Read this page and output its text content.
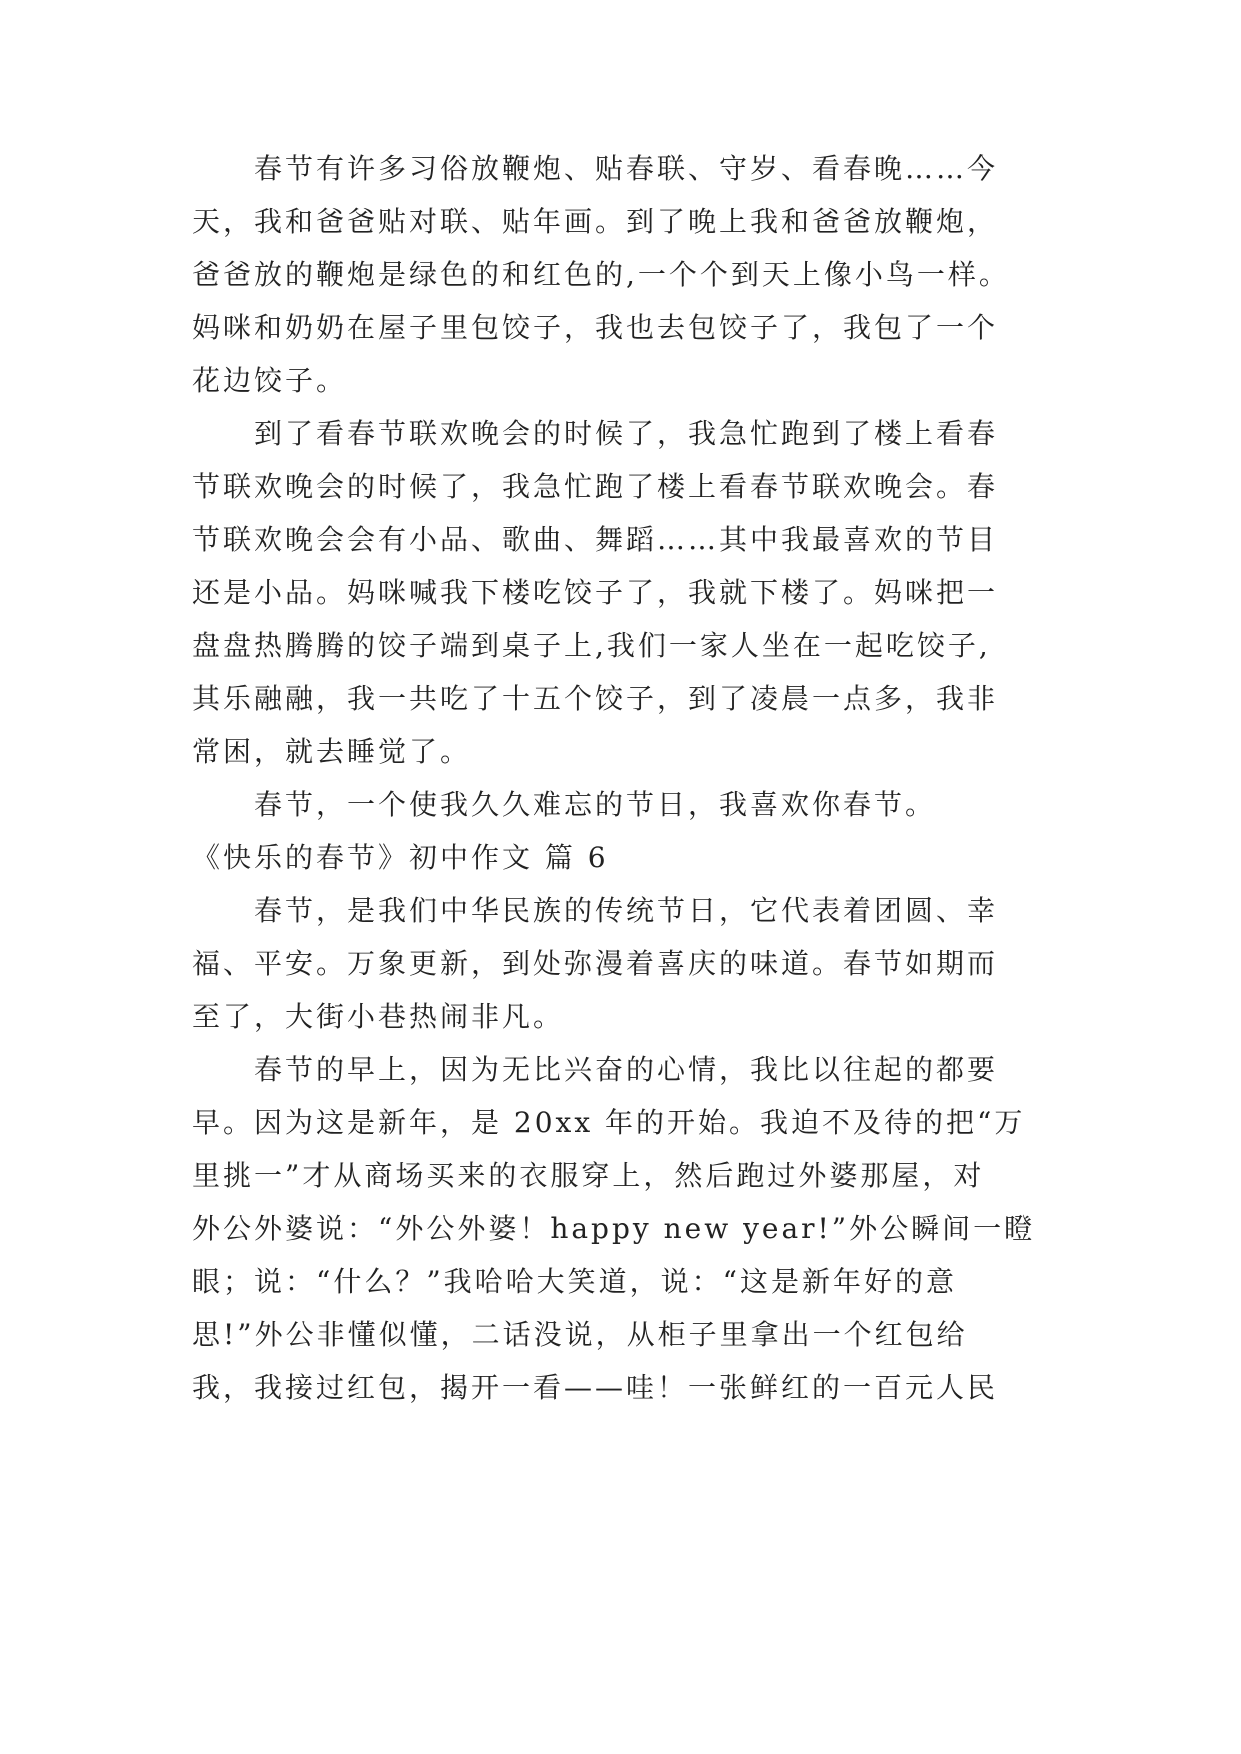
春节有许多习俗放鞭炮、贴春联、守岁、看春晚……今
天，我和爸爸贴对联、贴年画。到了晚上我和爸爸放鞭炮，
爸爸放的鞭炮是绿色的和红色的,一个个到天上像小鸟一样。
妈咪和奶奶在屋子里包饺子，我也去包饺子了，我包了一个
花边饺子。
到了看春节联欢晚会的时候了，我急忙跑到了楼上看春
节联欢晚会的时候了，我急忙跑了楼上看春节联欢晚会。春
节联欢晚会会有小品、歌曲、舞蹈……其中我最喜欢的节目
还是小品。妈咪喊我下楼吃饺子了，我就下楼了。妈咪把一
盘盘热腾腾的饺子端到桌子上,我们一家人坐在一起吃饺子,
其乐融融，我一共吃了十五个饺子，到了凌晨一点多，我非
常困，就去睡觉了。
春节，一个使我久久难忘的节日，我喜欢你春节。
《快乐的春节》初中作文 篇 6
春节，是我们中华民族的传统节日，它代表着团圆、幸
福、平安。万象更新，到处弥漫着喜庆的味道。春节如期而
至了，大街小巷热闹非凡。
春节的早上，因为无比兴奋的心情，我比以往起的都要
早。因为这是新年，是 20xx 年的开始。我迫不及待的把“万
里挑一”才从商场买来的衣服穿上，然后跑过外婆那屋，对
外公外婆说：“外公外婆！happy new year!”外公瞬间一瞪
眼；说：“什么？”我哈哈大笑道，说：“这是新年好的意
思!”外公非懂似懂，二话没说，从柜子里拿出一个红包给
我，我接过红包，揭开一看——哇！一张鲜红的一百元人民
